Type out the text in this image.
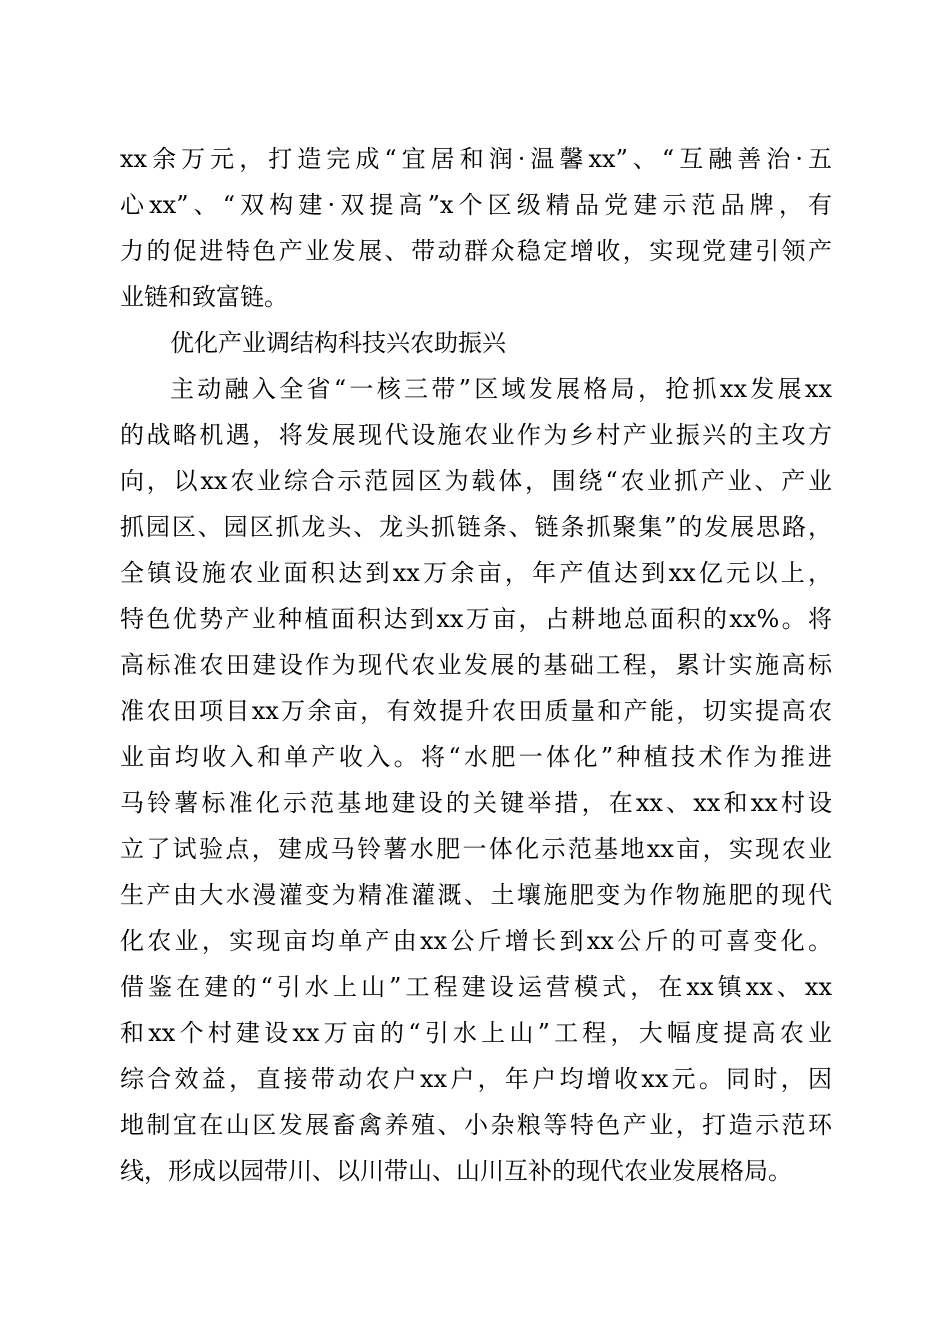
xx余万元，打造完成“宜居和润·温馨xx”、“互融善治·五
心xx”、“双构建·双提高”x个区级精品党建示范品牌，有
力的促进特色产业发展、带动群众稳定增收，实现党建引领产
业链和致富链。
优化产业调结构科技兴农助振兴
主动融入全省“一核三带”区域发展格局，抢抓xx发展xx
的战略机遇，将发展现代设施农业作为乡村产业振兴的主攻方
向，以xx农业综合示范园区为载体，围绕“农业抓产业、产业
抓园区、园区抓龙头、龙头抓链条、链条抓聚集”的发展思路，
全镇设施农业面积达到xx万余亩，年产值达到xx亿元以上，
特色优势产业种植面积达到xx万亩，占耕地总面积的xx%。将
高标准农田建设作为现代农业发展的基础工程，累计实施高标
准农田项目xx万余亩，有效提升农田质量和产能，切实提高农
业亩均收入和单产收入。将“水肥一体化”种植技术作为推进
马铃薯标准化示范基地建设的关键举措，在xx、xx和xx村设
立了试验点，建成马铃薯水肥一体化示范基地xx亩，实现农业
生产由大水漫灌变为精准灌溉、土壤施肥变为作物施肥的现代
化农业，实现亩均单产由xx公斤增长到xx公斤的可喜变化。
借鉴在建的“引水上山”工程建设运营模式，在xx镇xx、xx
和xx个村建设xx万亩的“引水上山”工程，大幅度提高农业
综合效益，直接带动农户xx户，年户均增收xx元。同时，因
地制宜在山区发展畜禽养殖、小杂粮等特色产业，打造示范环
线，形成以园带川、以川带山、山川互补的现代农业发展格局。
